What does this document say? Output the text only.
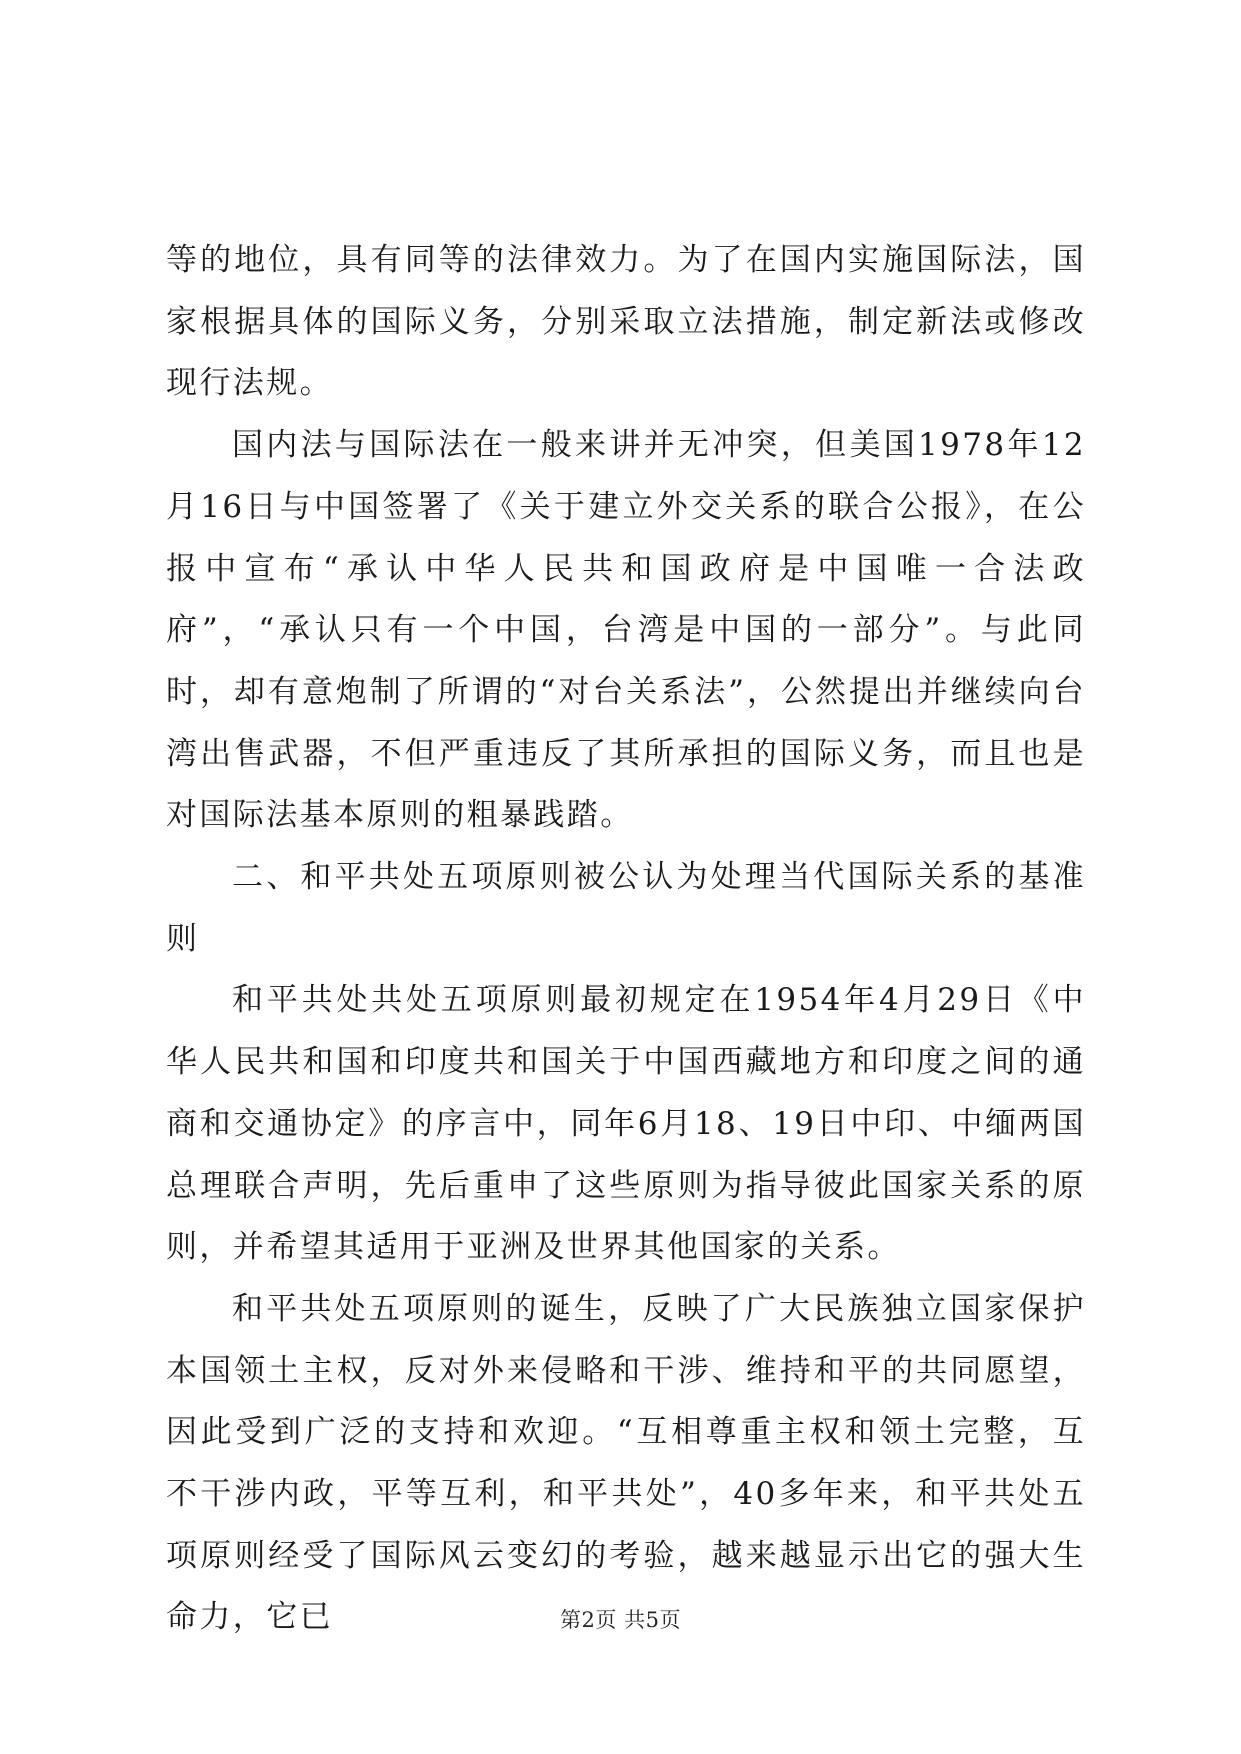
等的地位，具有同等的法律效力。为了在国内实施国际法，国家根据具体的国际义务，分别采取立法措施，制定新法或修改现行法规。

国内法与国际法在一般来讲并无冲突，但美国1978年12月16日与中国签署了《关于建立外交关系的联合公报》，在公报中宣布“承认中华人民共和国政府是中国唯一合法政府”，“承认只有一个中国，台湾是中国的一部分”。与此同时，却有意炮制了所谓的“对台关系法”，公然提出并继续向台湾出售武器，不但严重违反了其所承担的国际义务，而且也是对国际法基本原则的粗暴践踏。

二、和平共处五项原则被公认为处理当代国际关系的基准则

和平共处共处五项原则最初规定在1954年4月29日《中华人民共和国和印度共和国关于中国西藏地方和印度之间的通商和交通协定》的序言中，同年6月18、19日中印、中缅两国总理联合声明，先后重申了这些原则为指导彼此国家关系的原则，并希望其适用于亚洲及世界其他国家的关系。

和平共处五项原则的诞生，反映了广大民族独立国家保护本国领土主权，反对外来侵略和干涉、维持和平的共同愿望，因此受到广泛的支持和欢迎。“互相尊重主权和领土完整，互不干涉内政，平等互利，和平共处”，40多年来，和平共处五项原则经受了国际风云变幻的考验，越来越显示出它的强大生命力，它已	第2页 共5页
